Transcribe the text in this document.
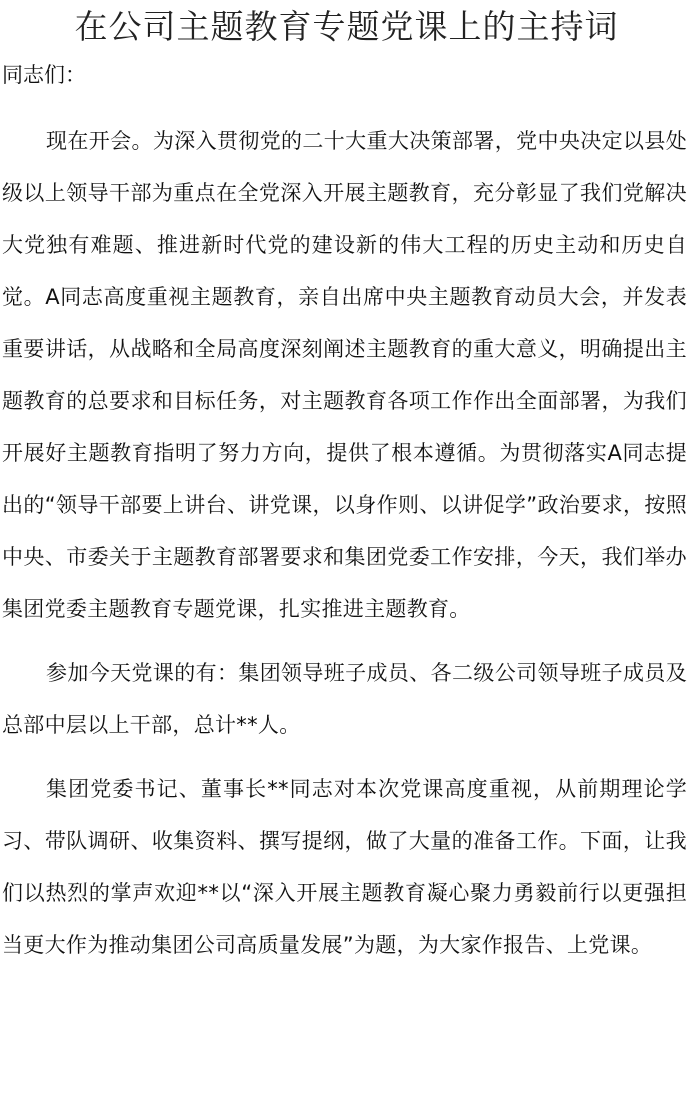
在公司主题教育专题党课上的主持词

同志们：

现在开会。为深入贯彻党的二十大重大决策部署，党中央决定以县处级以上领导干部为重点在全党深入开展主题教育，充分彰显了我们党解决大党独有难题、推进新时代党的建设新的伟大工程的历史主动和历史自觉。A同志高度重视主题教育，亲自出席中央主题教育动员大会，并发表重要讲话，从战略和全局高度深刻阐述主题教育的重大意义，明确提出主题教育的总要求和目标任务，对主题教育各项工作作出全面部署，为我们开展好主题教育指明了努力方向，提供了根本遵循。为贯彻落实A同志提出的“领导干部要上讲台、讲党课，以身作则、以讲促学”政治要求，按照中央、市委关于主题教育部署要求和集团党委工作安排，今天，我们举办集团党委主题教育专题党课，扎实推进主题教育。

参加今天党课的有：集团领导班子成员、各二级公司领导班子成员及总部中层以上干部，总计**人。

集团党委书记、董事长**同志对本次党课高度重视，从前期理论学习、带队调研、收集资料、撰写提纲，做了大量的准备工作。下面，让我们以热烈的掌声欢迎**以“深入开展主题教育凝心聚力勇毅前行以更强担当更大作为推动集团公司高质量发展”为题，为大家作报告、上党课。
